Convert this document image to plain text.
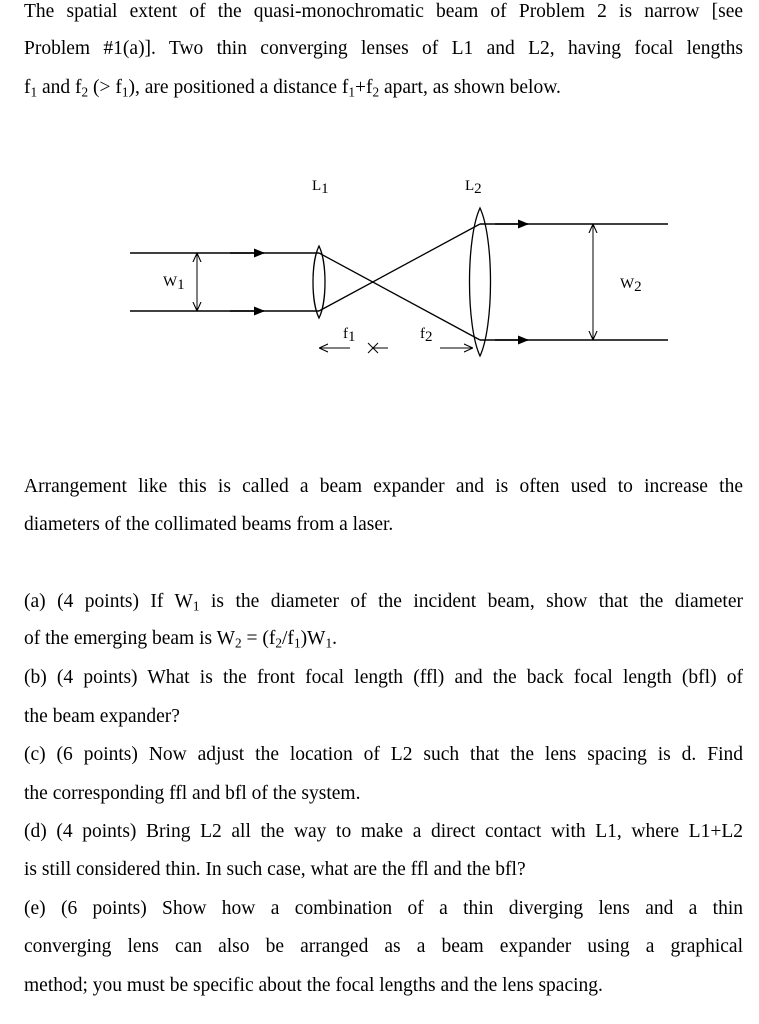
The spatial extent of the quasi-monochromatic beam of Problem 2 is narrow [see
Problem #1(a)]. Two thin converging lenses of L1 and L2, having focal lengths
$f_1$ and $f_2$ (> $f_1$), are positioned a distance $f_1+f_2$ apart, as shown below.
L1	L2
W1	W2
f1	f2
Arrangement like this is called a beam expander and is often used to increase the
diameters of the collimated beams from a laser.
(a) (4 points) If $W_1$ is the diameter of the incident beam, show that the diameter
of the emerging beam is $W_2 = (f_2/f_1)W_1$.
(b) (4 points) What is the front focal length (ffl) and the back focal length (bfl) of
the beam expander?
(c) (6 points) Now adjust the location of L2 such that the lens spacing is d. Find
the corresponding ffl and bfl of the system.
(d) (4 points) Bring L2 all the way to make a direct contact with L1, where L1+L2
is still considered thin. In such case, what are the ffl and the bfl?
(e) (6 points) Show how a combination of a thin diverging lens and a thin
converging lens can also be arranged as a beam expander using a graphical
method; you must be specific about the focal lengths and the lens spacing.
